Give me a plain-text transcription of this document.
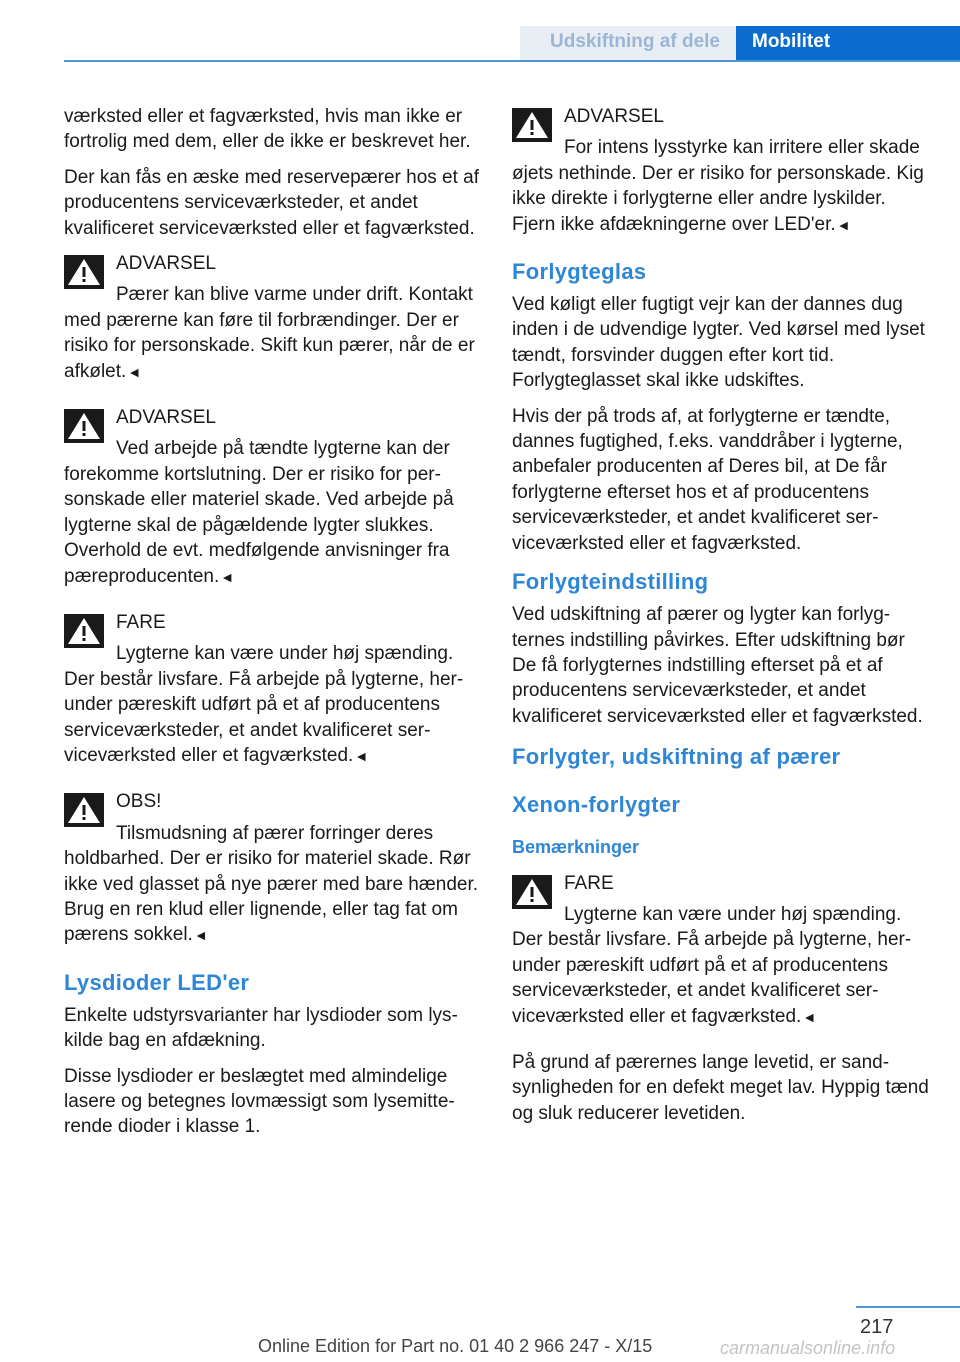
Udskiftning af dele Mobilitet

værksted eller et fagværksted, hvis man ikke er fortrolig med dem, eller de ikke er beskrevet her.

Der kan fås en æske med reservepærer hos et af producentens serviceværksteder, et andet kvalificeret serviceværksted eller et fagværksted.

ADVARSEL
Pærer kan blive varme under drift. Kontakt med pærerne kan føre til forbrændinger. Der er risiko for personskade. Skift kun pærer, når de er afkølet. ◄
ADVARSEL
Ved arbejde på tændte lygterne kan der forekomme kortslutning. Der er risiko for personskade eller materiel skade. Ved arbejde på lygterne skal de pågældende lygter slukkes. Overhold de evt. medfølgende anvisninger fra pæreproducenten. ◄
FARE
Lygterne kan være under høj spænding. Der består livsfare. Få arbejde på lygterne, herunder pæreskift udført på et af producentens serviceværksteder, et andet kvalificeret serviceværksted eller et fagværksted. ◄
OBS!
Tilsmudsning af pærer forringer deres holdbarhed. Der er risiko for materiel skade. Rør ikke ved glasset på nye pærer med bare hænder. Brug en ren klud eller lignende, eller tag fat om pærens sokkel. ◄
Lysdioder LED'er

Enkelte udstyrsvarianter har lysdioder som lyskilde bag en afdækning.

Disse lysdioder er beslægtet med almindelige lasere og betegnes lovmæssigt som lysemitterende dioder i klasse 1.

ADVARSEL
For intens lysstyrke kan irritere eller skade øjets nethinde. Der er risiko for personskade. Kig ikke direkte i forlygterne eller andre lyskilder. Fjern ikke afdækningerne over LED'er. ◄
Forlygteglas

Ved køligt eller fugtigt vejr kan der dannes dug inden i de udvendige lygter. Ved kørsel med lyset tændt, forsvinder duggen efter kort tid. Forlygteglasset skal ikke udskiftes.

Hvis der på trods af, at forlygterne er tændte, dannes fugtighed, f.eks. vanddråber i lygterne, anbefaler producenten af Deres bil, at De får forlygterne efterset hos et af producentens serviceværksteder, et andet kvalificeret serviceværksted eller et fagværksted.

Forlygteindstilling

Ved udskiftning af pærer og lygter kan forlygternes indstilling påvirkes. Efter udskiftning bør De få forlygternes indstilling efterset på et af producentens serviceværksteder, et andet kvalificeret serviceværksted eller et fagværksted.

Forlygter, udskiftning af pærer
Xenon-forlygter
Bemærkninger
FARE
Lygterne kan være under høj spænding. Der består livsfare. Få arbejde på lygterne, herunder pæreskift udført på et af producentens serviceværksteder, et andet kvalificeret serviceværksted eller et fagværksted. ◄

På grund af pærernes lange levetid, er sandsynligheden for en defekt meget lav. Hyppig tænd og sluk reducerer levetiden.

217
Online Edition for Part no. 01 40 2 966 247 - X/15	carmanualsonline.info
